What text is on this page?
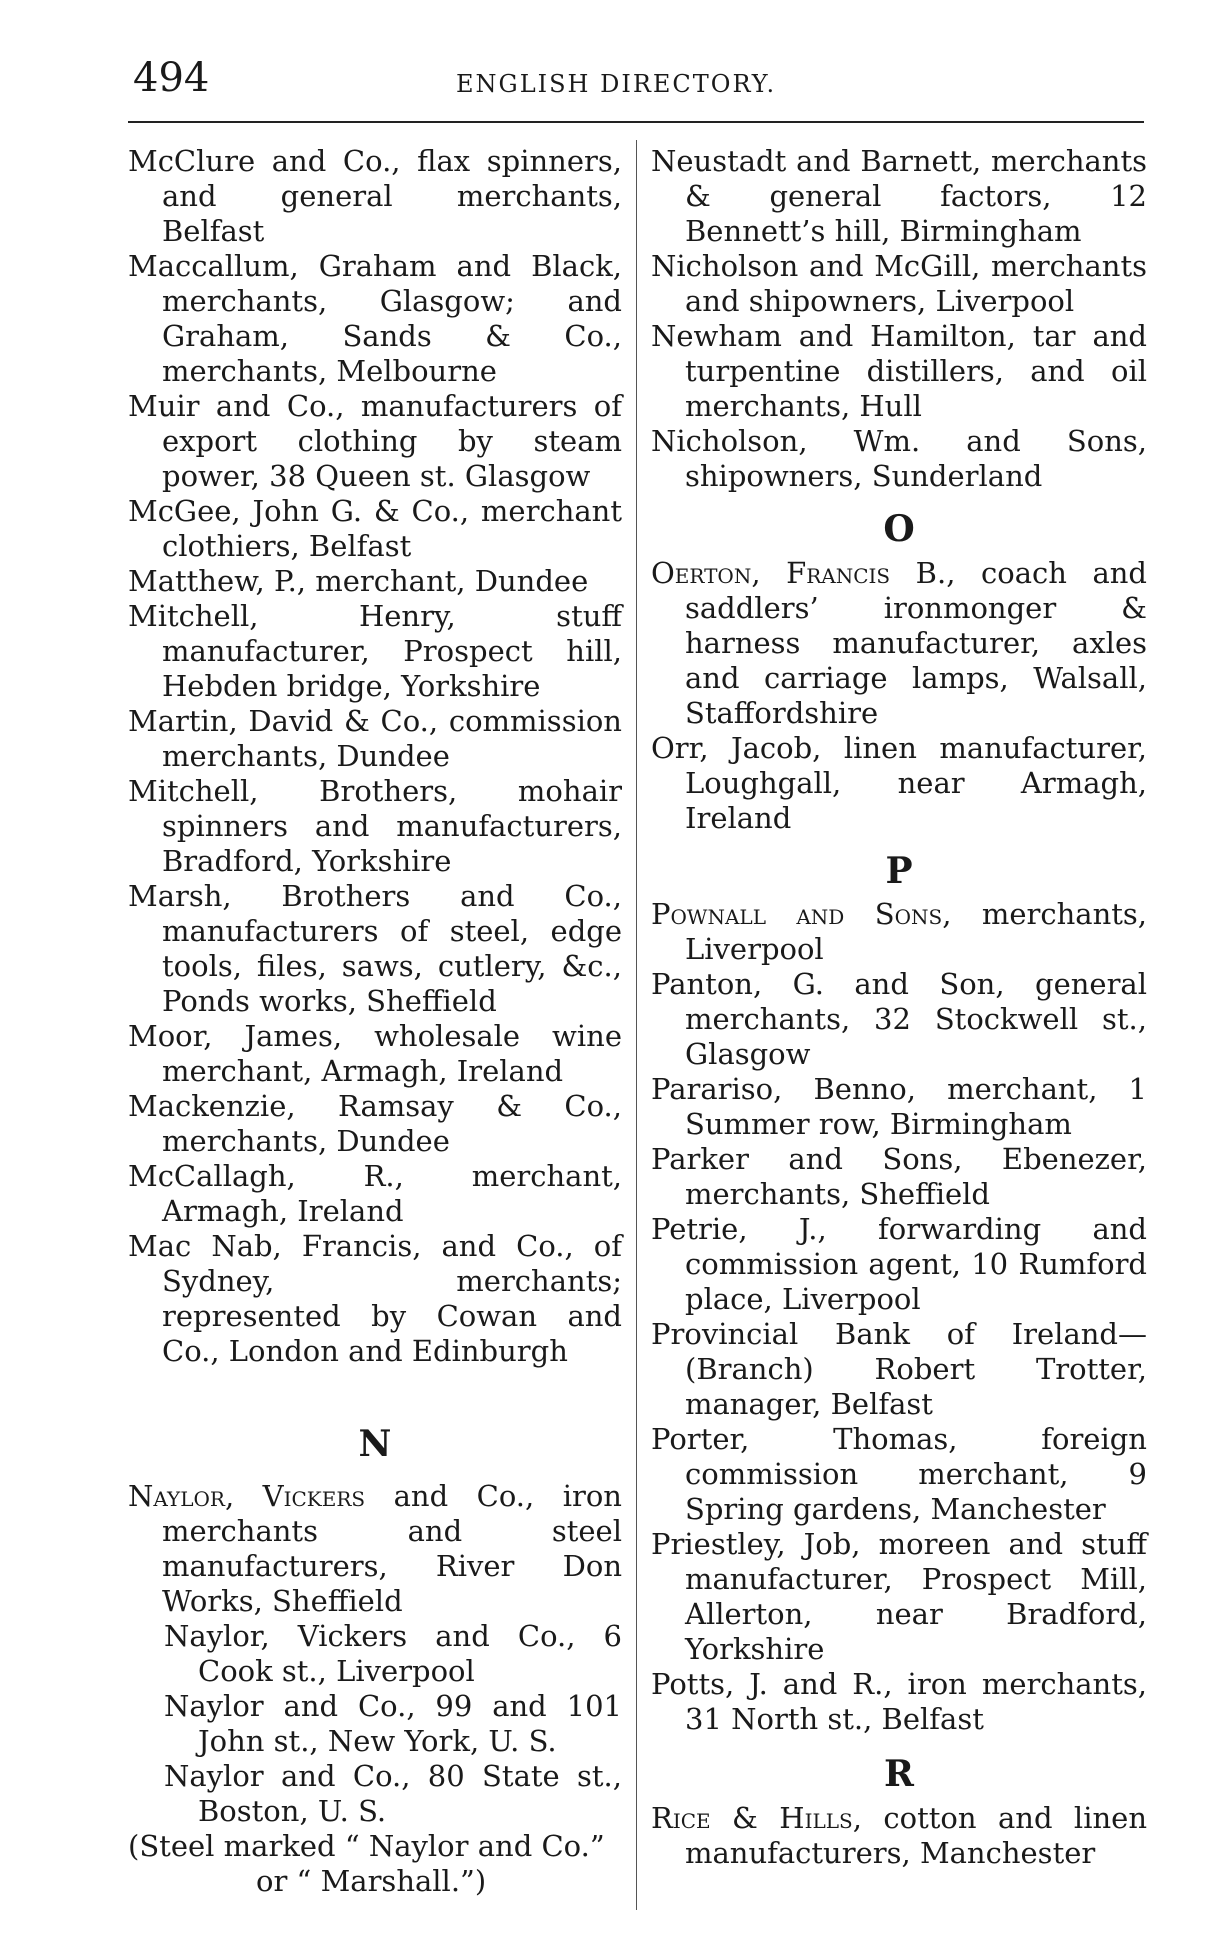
494	ENGLISH DIRECTORY.
McClure and Co., flax spinners, and general merchants, Belfast
Maccallum, Graham and Black, merchants, Glasgow; and Graham, Sands & Co., merchants, Melbourne
Muir and Co., manufacturers of export clothing by steam power, 38 Queen st. Glasgow
McGee, John G. & Co., merchant clothiers, Belfast
Matthew, P., merchant, Dundee
Mitchell, Henry, stuff manufacturer, Prospect hill, Hebden bridge, Yorkshire
Martin, David & Co., commission merchants, Dundee
Mitchell, Brothers, mohair spinners and manufacturers, Bradford, Yorkshire
Marsh, Brothers and Co., manufacturers of steel, edge tools, files, saws, cutlery, &c., Ponds works, Sheffield
Moor, James, wholesale wine merchant, Armagh, Ireland
Mackenzie, Ramsay & Co., merchants, Dundee
McCallagh, R., merchant, Armagh, Ireland
Mac Nab, Francis, and Co., of Sydney, merchants; represented by Cowan and Co., London and Edinburgh
N
Naylor, Vickers and Co., iron merchants and steel manufacturers, River Don Works, Sheffield
Naylor, Vickers and Co., 6 Cook st., Liverpool
Naylor and Co., 99 and 101 John st., New York, U. S.
Naylor and Co., 80 State st., Boston, U. S.
(Steel marked “ Naylor and Co.”
or “ Marshall.”)
Neustadt and Barnett, merchants & general factors, 12 Bennett’s hill, Birmingham
Nicholson and McGill, merchants and shipowners, Liverpool
Newham and Hamilton, tar and turpentine distillers, and oil merchants, Hull
Nicholson, Wm. and Sons, shipowners, Sunderland
O
Oerton, Francis B., coach and saddlers’ ironmonger & harness manufacturer, axles and carriage lamps, Walsall, Staffordshire
Orr, Jacob, linen manufacturer, Loughgall, near Armagh, Ireland
P
Pownall and Sons, merchants, Liverpool
Panton, G. and Son, general merchants, 32 Stockwell st., Glasgow
Parariso, Benno, merchant, 1 Summer row, Birmingham
Parker and Sons, Ebenezer, merchants, Sheffield
Petrie, J., forwarding and commission agent, 10 Rumford place, Liverpool
Provincial Bank of Ireland—(Branch) Robert Trotter, manager, Belfast
Porter, Thomas, foreign commission merchant, 9 Spring gardens, Manchester
Priestley, Job, moreen and stuff manufacturer, Prospect Mill, Allerton, near Bradford, Yorkshire
Potts, J. and R., iron merchants, 31 North st., Belfast
R
Rice & Hills, cotton and linen manufacturers, Manchester
